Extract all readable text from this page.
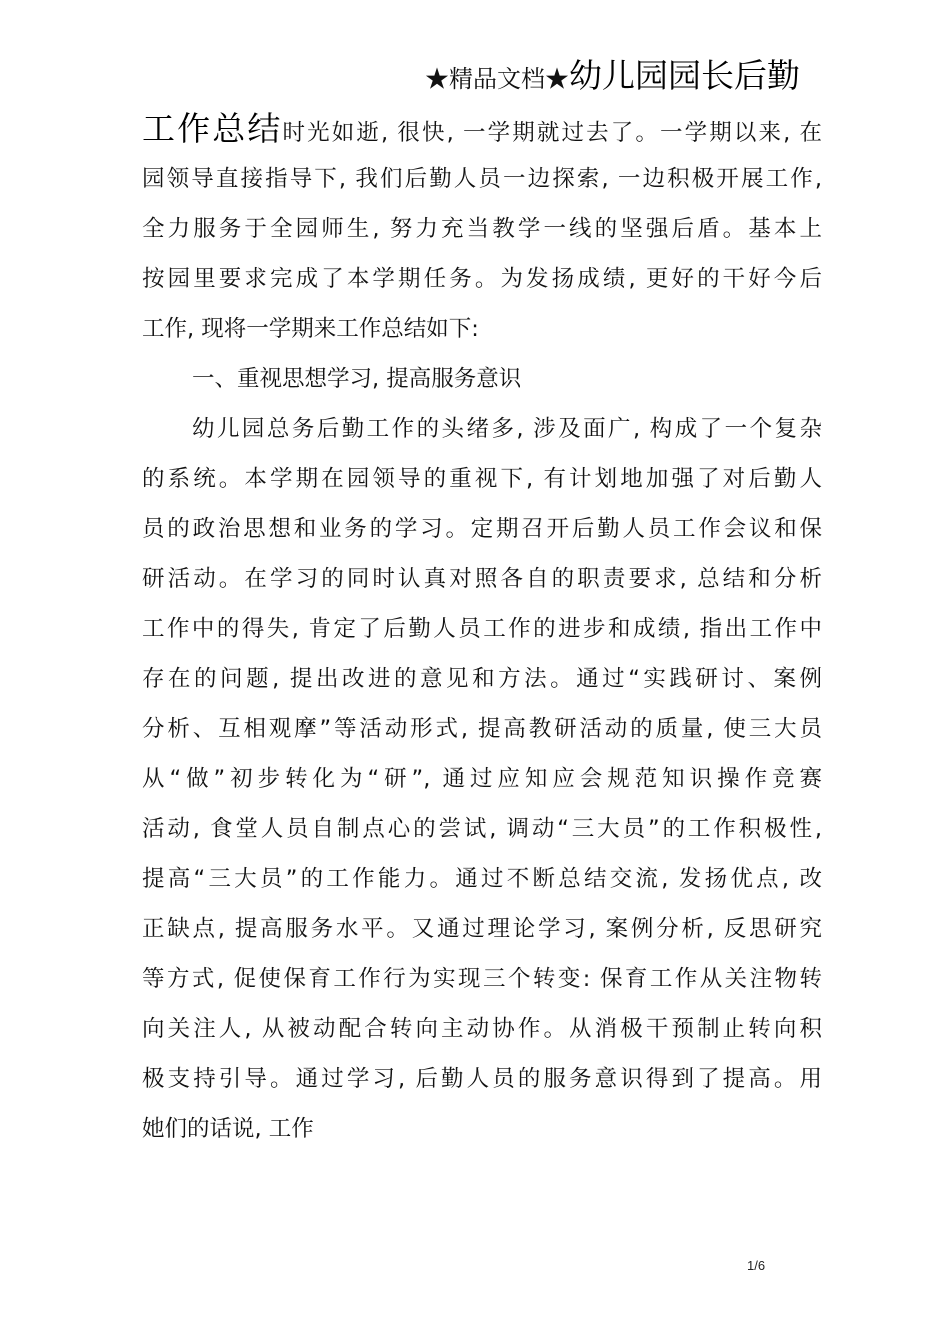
★精品文档★幼儿园园长后勤
工作总结时光如逝, 很快, 一学期就过去了。一学期以来, 在
园领导直接指导下, 我们后勤人员一边探索, 一边积极开展工作,
全力服务于全园师生, 努力充当教学一线的坚强后盾。基本上
按园里要求完成了本学期任务。为发扬成绩, 更好的干好今后
工作, 现将一学期来工作总结如下:
一、重视思想学习, 提高服务意识
幼儿园总务后勤工作的头绪多, 涉及面广, 构成了一个复杂
的系统。本学期在园领导的重视下, 有计划地加强了对后勤人
员的政治思想和业务的学习。定期召开后勤人员工作会议和保
研活动。在学习的同时认真对照各自的职责要求, 总结和分析
工作中的得失, 肯定了后勤人员工作的进步和成绩, 指出工作中
存在的问题, 提出改进的意见和方法。通过“实践研讨、案例
分析、互相观摩”等活动形式, 提高教研活动的质量, 使三大员
从“做”初步转化为“研”, 通过应知应会规范知识操作竞赛
活动, 食堂人员自制点心的尝试, 调动“三大员”的工作积极性,
提高“三大员”的工作能力。通过不断总结交流, 发扬优点, 改
正缺点, 提高服务水平。又通过理论学习, 案例分析, 反思研究
等方式, 促使保育工作行为实现三个转变: 保育工作从关注物转
向关注人, 从被动配合转向主动协作。从消极干预制止转向积
极支持引导。通过学习, 后勤人员的服务意识得到了提高。用
她们的话说, 工作
1/6
